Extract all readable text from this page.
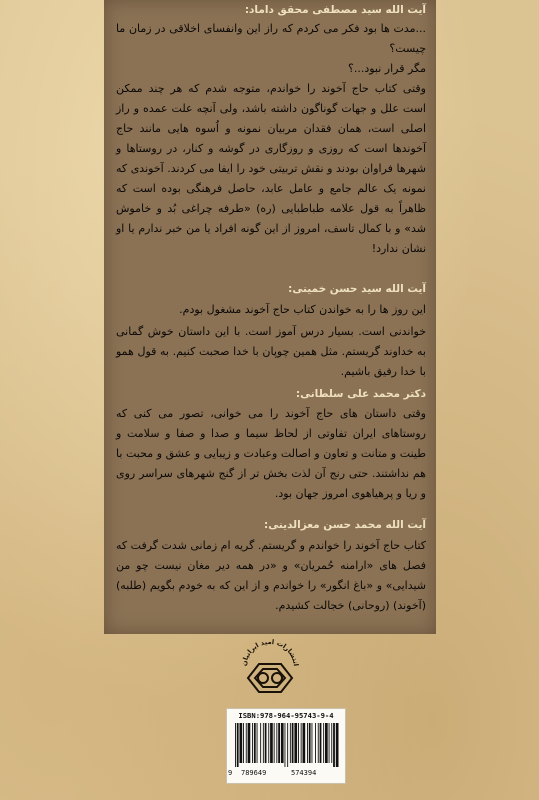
آیت الله سید مصطفی محقق داماد:
...مدت ها بود فکر می کردم که راز این وانفسای اخلاقی در زمان ما چیست؟
مگر قرار نبود...؟
وقتی کتاب حاج آخوند را خواندم، متوجه شدم که هر چند ممکن است علل و جهات گوناگون داشته باشد، ولی آنچه علت عمده و راز اصلی است، همان فقدان مربیان نمونه و اُسوه هایی مانند حاج آخوندها است که روزی و روزگاری در گوشه و کنار، در روستاها و شهرها فراوان بودند و نقش تربیتی خود را ایفا می کردند. آخوندی که نمونه یک عالم جامع و عامل عابد، حاصل فرهنگی بوده است که ظاهراً به قول علامه طباطبایی (ره) «طرفه چراغی بُد و خاموش شد» و با کمال تاسف، امروز از این گونه افراد یا من خبر ندارم یا او نشان ندارد!
آیت الله سید حسن خمینی:
این روز ها را به خواندن کتاب حاج آخوند مشغول بودم.
خواندنی است. بسیار درس آموز است. با این داستان خوش گمانی به خداوند گریستم. مثل همین چوپان با خدا صحبت کنیم. به قول همو با خدا رفیق باشیم.
دکتر محمد علی سلطانی:
وقتی داستان های حاج آخوند را می خوانی، تصور می کنی که روستاهای ایران تفاوتی از لحاظ سیما و صدا و صفا و سلامت و طینت و متانت و تعاون و اصالت وعبادت و زیبایی و عشق و محبت با هم نداشتند. حتی رنج آن لذت بخش تر از گنج شهرهای سراسر روی و ریا و پرهیاهوی امروز جهان بود.
آیت الله محمد حسن معزالدینی:
کتاب حاج آخوند را خواندم و گریستم. گریه ام زمانی شدت گرفت که فصل های «ارامنه حُمریان» و «در همه دیر مغان نیست چو من شیدایی» و «باغ انگور» را خواندم و از این که به خودم بگویم (طلبه) (آخوند) (روحانی) خجالت کشیدم.
انتشارات امید ایرانیان
ISBN:978-964-95743-9-4
9 789649	574394
